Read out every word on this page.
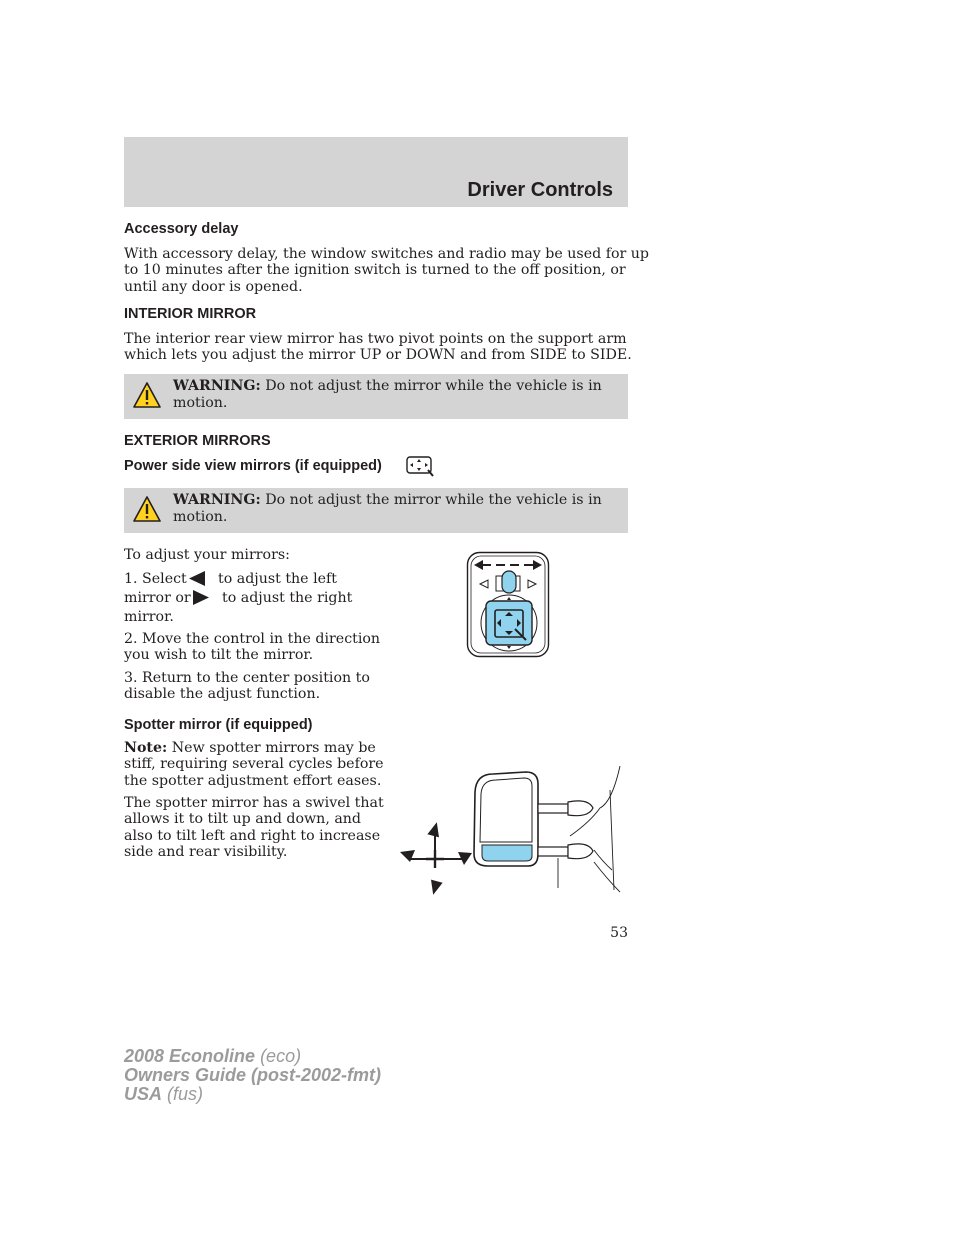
Driver Controls
Accessory delay

With accessory delay, the window switches and radio may be used for up
to 10 minutes after the ignition switch is turned to the off position, or
until any door is opened.

INTERIOR MIRROR

The interior rear view mirror has two pivot points on the support arm
which lets you adjust the mirror UP or DOWN and from SIDE to SIDE.

WARNING: Do not adjust the mirror while the vehicle is in
motion.
EXTERIOR MIRRORS
Power side view mirrors (if equipped)
WARNING: Do not adjust the mirror while the vehicle is in
motion.

To adjust your mirrors:

1. Select to adjust the left
mirror or to adjust the right
mirror.

2. Move the control in the direction
you wish to tilt the mirror.

3. Return to the center position to
disable the adjust function.

Spotter mirror (if equipped)

Note: New spotter mirrors may be
stiff, requiring several cycles before
the spotter adjustment effort eases.

The spotter mirror has a swivel that
allows it to tilt up and down, and
also to tilt left and right to increase
side and rear visibility.

53
2008 Econoline (eco)
Owners Guide (post-2002-fmt)
USA (fus)
